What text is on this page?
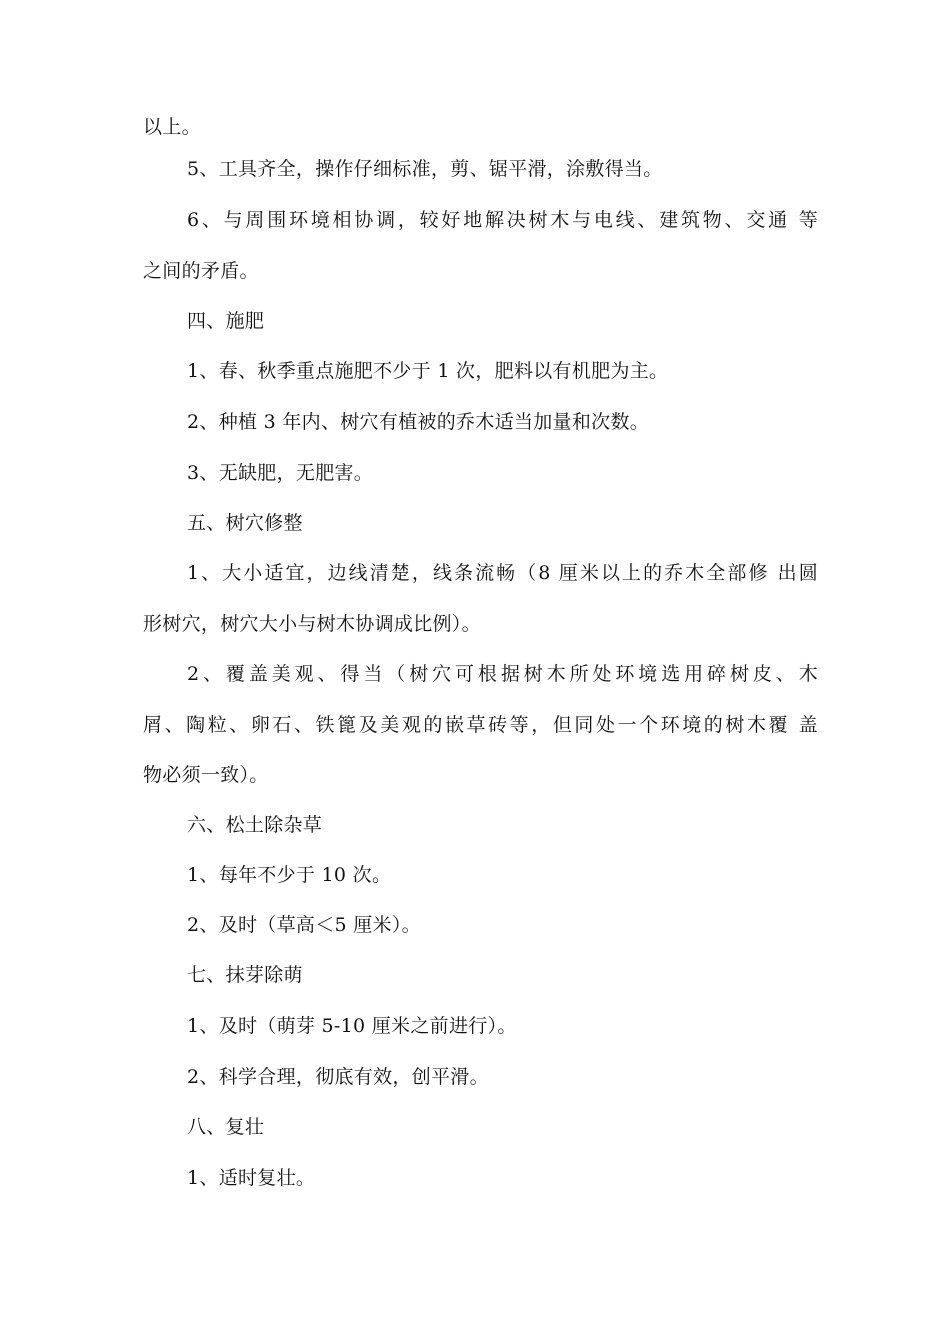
以上。
5、工具齐全，操作仔细标准，剪、锯平滑，涂敷得当。
6、与周围环境相协调，较好地解决树木与电线、建筑物、交通 等
之间的矛盾。
四、施肥
1、春、秋季重点施肥不少于 1 次，肥料以有机肥为主。
2、种植 3 年内、树穴有植被的乔木适当加量和次数。
3、无缺肥，无肥害。
五、树穴修整
1、大小适宜，边线清楚，线条流畅（8 厘米以上的乔木全部修 出圆
形树穴，树穴大小与树木协调成比例）。
2、覆盖美观、得当（树穴可根据树木所处环境选用碎树皮、木
屑、陶粒、卵石、铁篦及美观的嵌草砖等，但同处一个环境的树木覆 盖
物必须一致）。
六、松土除杂草
1、每年不少于 10 次。
2、及时（草高＜5 厘米）。
七、抹芽除萌
1、及时（萌芽 5-10 厘米之前进行）。
2、科学合理，彻底有效，创平滑。
八、复壮
1、适时复壮。
